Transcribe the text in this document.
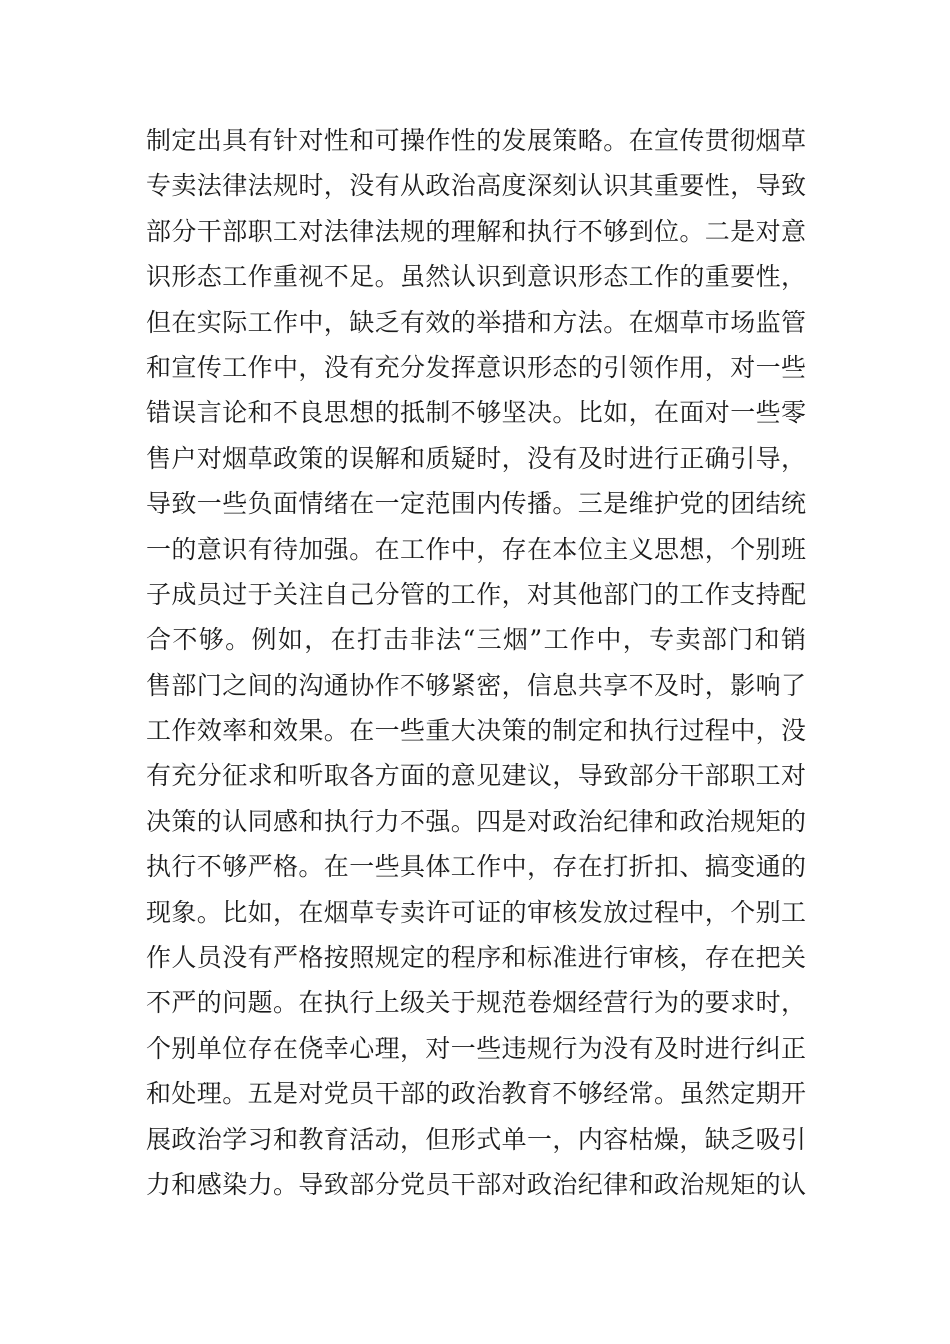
制定出具有针对性和可操作性的发展策略。在宣传贯彻烟草
专卖法律法规时，没有从政治高度深刻认识其重要性，导致
部分干部职工对法律法规的理解和执行不够到位。二是对意
识形态工作重视不足。虽然认识到意识形态工作的重要性，
但在实际工作中，缺乏有效的举措和方法。在烟草市场监管
和宣传工作中，没有充分发挥意识形态的引领作用，对一些
错误言论和不良思想的抵制不够坚决。比如，在面对一些零
售户对烟草政策的误解和质疑时，没有及时进行正确引导，
导致一些负面情绪在一定范围内传播。三是维护党的团结统
一的意识有待加强。在工作中，存在本位主义思想，个别班
子成员过于关注自己分管的工作，对其他部门的工作支持配
合不够。例如，在打击非法“三烟”工作中，专卖部门和销
售部门之间的沟通协作不够紧密，信息共享不及时，影响了
工作效率和效果。在一些重大决策的制定和执行过程中，没
有充分征求和听取各方面的意见建议，导致部分干部职工对
决策的认同感和执行力不强。四是对政治纪律和政治规矩的
执行不够严格。在一些具体工作中，存在打折扣、搞变通的
现象。比如，在烟草专卖许可证的审核发放过程中，个别工
作人员没有严格按照规定的程序和标准进行审核，存在把关
不严的问题。在执行上级关于规范卷烟经营行为的要求时，
个别单位存在侥幸心理，对一些违规行为没有及时进行纠正
和处理。五是对党员干部的政治教育不够经常。虽然定期开
展政治学习和教育活动，但形式单一，内容枯燥，缺乏吸引
力和感染力。导致部分党员干部对政治纪律和政治规矩的认
